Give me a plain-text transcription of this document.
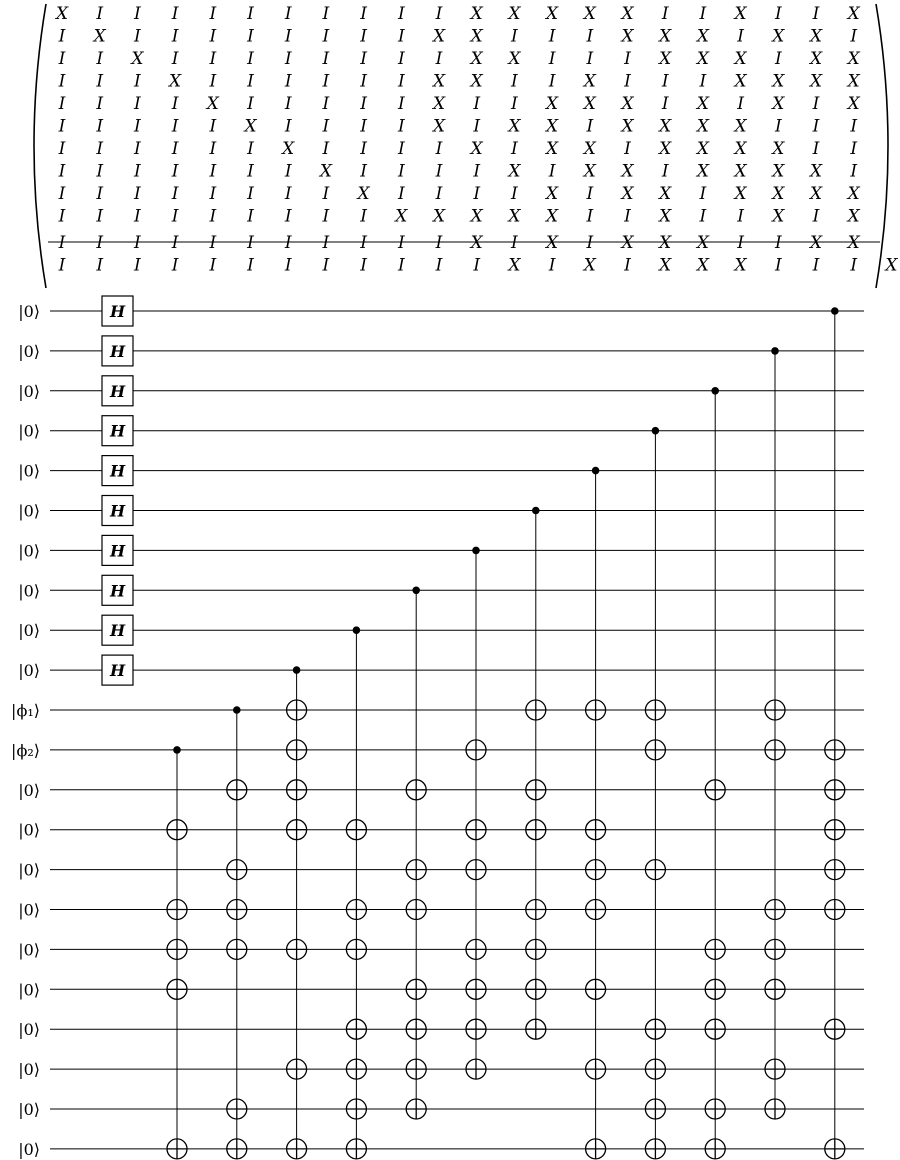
X I I I I I I I I I I X X X X X I I X I I X
I X I I I I I I I I X X I I I X X X I X X I
I I X I I I I I I I I X X I I I X X X I X X
I I I X I I I I I I X X I I X I I I X X X X
I I I I X I I I I I X I I X X X I X I X I X
I I I I I X I I I I X I X X I X X X X I I I
I I I I I I X I I I I X I X X I X X X X I I
I I I I I I I X I I I I X I X X I X X X X I
I I I I I I I I X I I I I X I X X I X X X X
I I I I I I I I I X X X X X I I X I I X I X
I I I I I I I I I I I X I X I X X X I I X X
I I I I I I I I I I I I X I X I X X X I I I X
|0⟩
|0⟩
|0⟩
|0⟩
|0⟩
|0⟩
|0⟩
|0⟩
|0⟩
|0⟩
|ϕ₁⟩
|ϕ₂⟩
|0⟩
|0⟩
|0⟩
|0⟩
|0⟩
|0⟩
|0⟩
|0⟩
|0⟩
|0⟩
H
H
H
H
H
H
H
H
H
H
